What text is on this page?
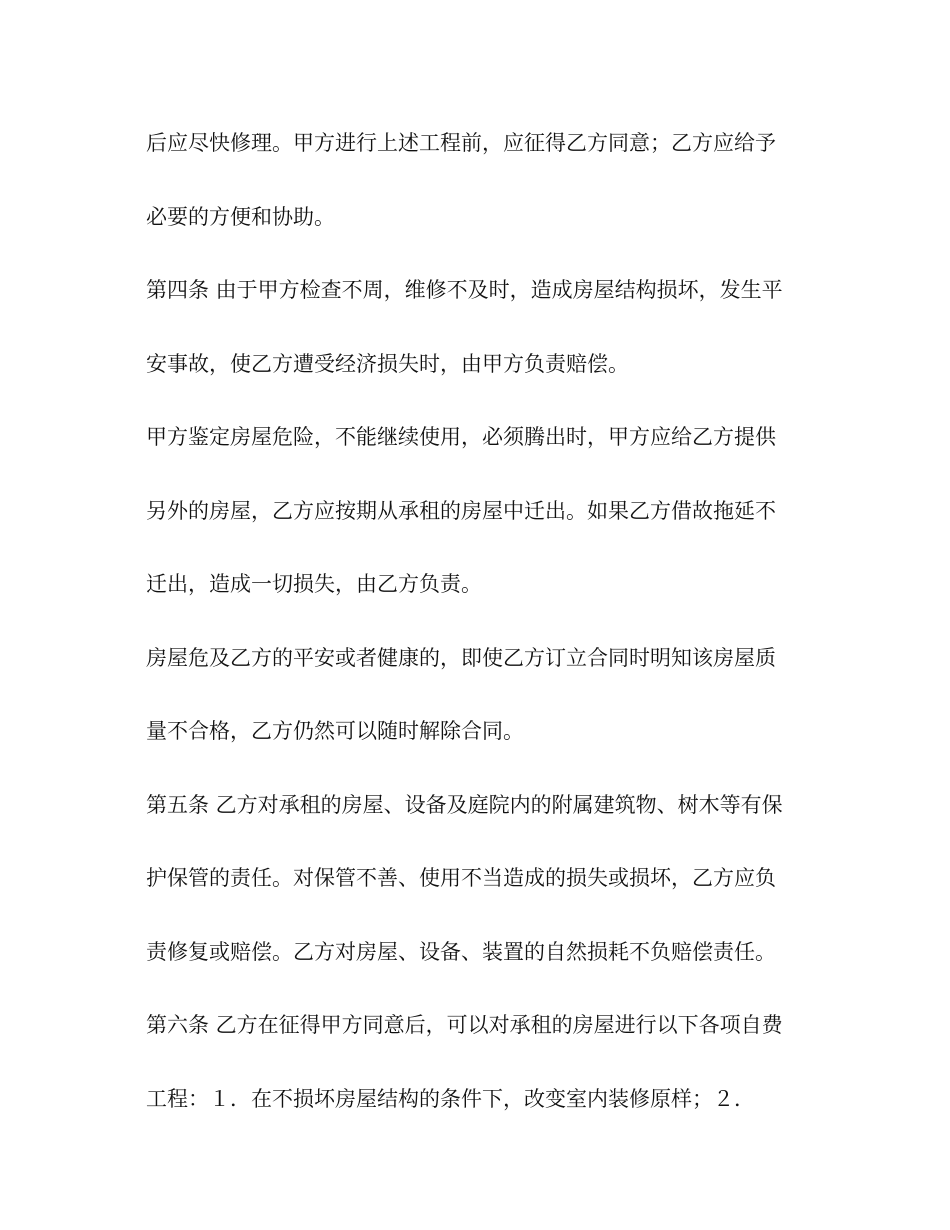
后应尽快修理。甲方进行上述工程前，应征得乙方同意；乙方应给予
必要的方便和协助。
第四条 由于甲方检查不周，维修不及时，造成房屋结构损坏，发生平
安事故，使乙方遭受经济损失时，由甲方负责赔偿。
甲方鉴定房屋危险，不能继续使用，必须腾出时，甲方应给乙方提供
另外的房屋，乙方应按期从承租的房屋中迁出。如果乙方借故拖延不
迁出，造成一切损失，由乙方负责。
房屋危及乙方的平安或者健康的，即使乙方订立合同时明知该房屋质
量不合格，乙方仍然可以随时解除合同。
第五条 乙方对承租的房屋、设备及庭院内的附属建筑物、树木等有保
护保管的责任。对保管不善、使用不当造成的损失或损坏，乙方应负
责修复或赔偿。乙方对房屋、设备、装置的自然损耗不负赔偿责任。
第六条 乙方在征得甲方同意后，可以对承租的房屋进行以下各项自费
工程：１．在不损坏房屋结构的条件下，改变室内装修原样；２．
